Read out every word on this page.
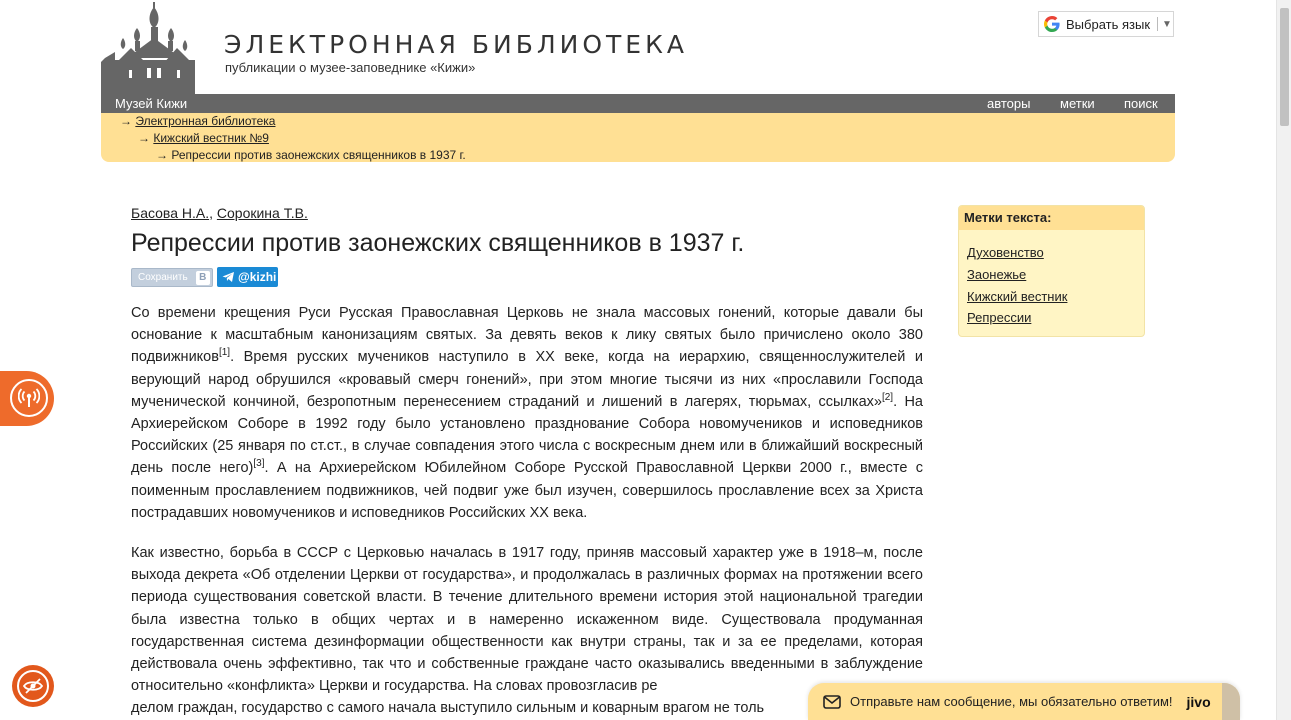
ЭЛЕКТРОННАЯ БИБЛИОТЕКА
публикации о музее-заповеднике «Кижи»
Выбрать язык ▼
Музей Кижи	авторы метки поиск
→ Электронная библиотека
→ Кижский вестник №9
→ Репрессии против заонежских священников в 1937 г.
Басова Н.А., Сорокина Т.В.
Репрессии против заонежских священников в 1937 г.
Сохранить	В	@kizhi
Со времени крещения Руси Русская Православная Церковь не знала массовых гонений, которые давали бы основание к масштабным канонизациям святых. За девять веков к лику святых было причислено около 380 подвижников[1]. Время русских мучеников наступило в XX веке, когда на иерархию, священнослужителей и верующий народ обрушился «кровавый смерч гонений», при этом многие тысячи из них «прославили Господа мученической кончиной, безропотным перенесением страданий и лишений в лагерях, тюрьмах, ссылках»[2]. На Архиерейском Соборе в 1992 году было установлено празднование Собора новомучеников и исповедников Российских (25 января по ст.ст., в случае совпадения этого числа с воскресным днем или в ближайший воскресный день после него)[3]. А на Архиерейском Юбилейном Соборе Русской Православной Церкви 2000 г., вместе с поименным прославлением подвижников, чей подвиг уже был изучен, совершилось прославление всех за Христа пострадавших новомучеников и исповедников Российских XX века.
Как известно, борьба в СССР с Церковью началась в 1917 году, приняв массовый характер уже в 1918–м, после выхода декрета «Об отделении Церкви от государства», и продолжалась в различных формах на протяжении всего периода существования советской власти. В течение длительного времени история этой национальной трагедии была известна только в общих чертах и в намеренно искаженном виде. Существовала продуманная государственная система дезинформации общественности как внутри страны, так и за ее пределами, которая действовала очень эффективно, так что и собственные граждане часто оказывались введенными в заблуждение относительно «конфликта» Церкви и государства. На словах провозгласив ре
делом граждан, государство с самого начала выступило сильным и коварным врагом не толь
Метки текста:
Духовенство
Заонежье
Кижский вестник
Репрессии
Отправьте нам сообщение, мы обязательно ответим! jivo
